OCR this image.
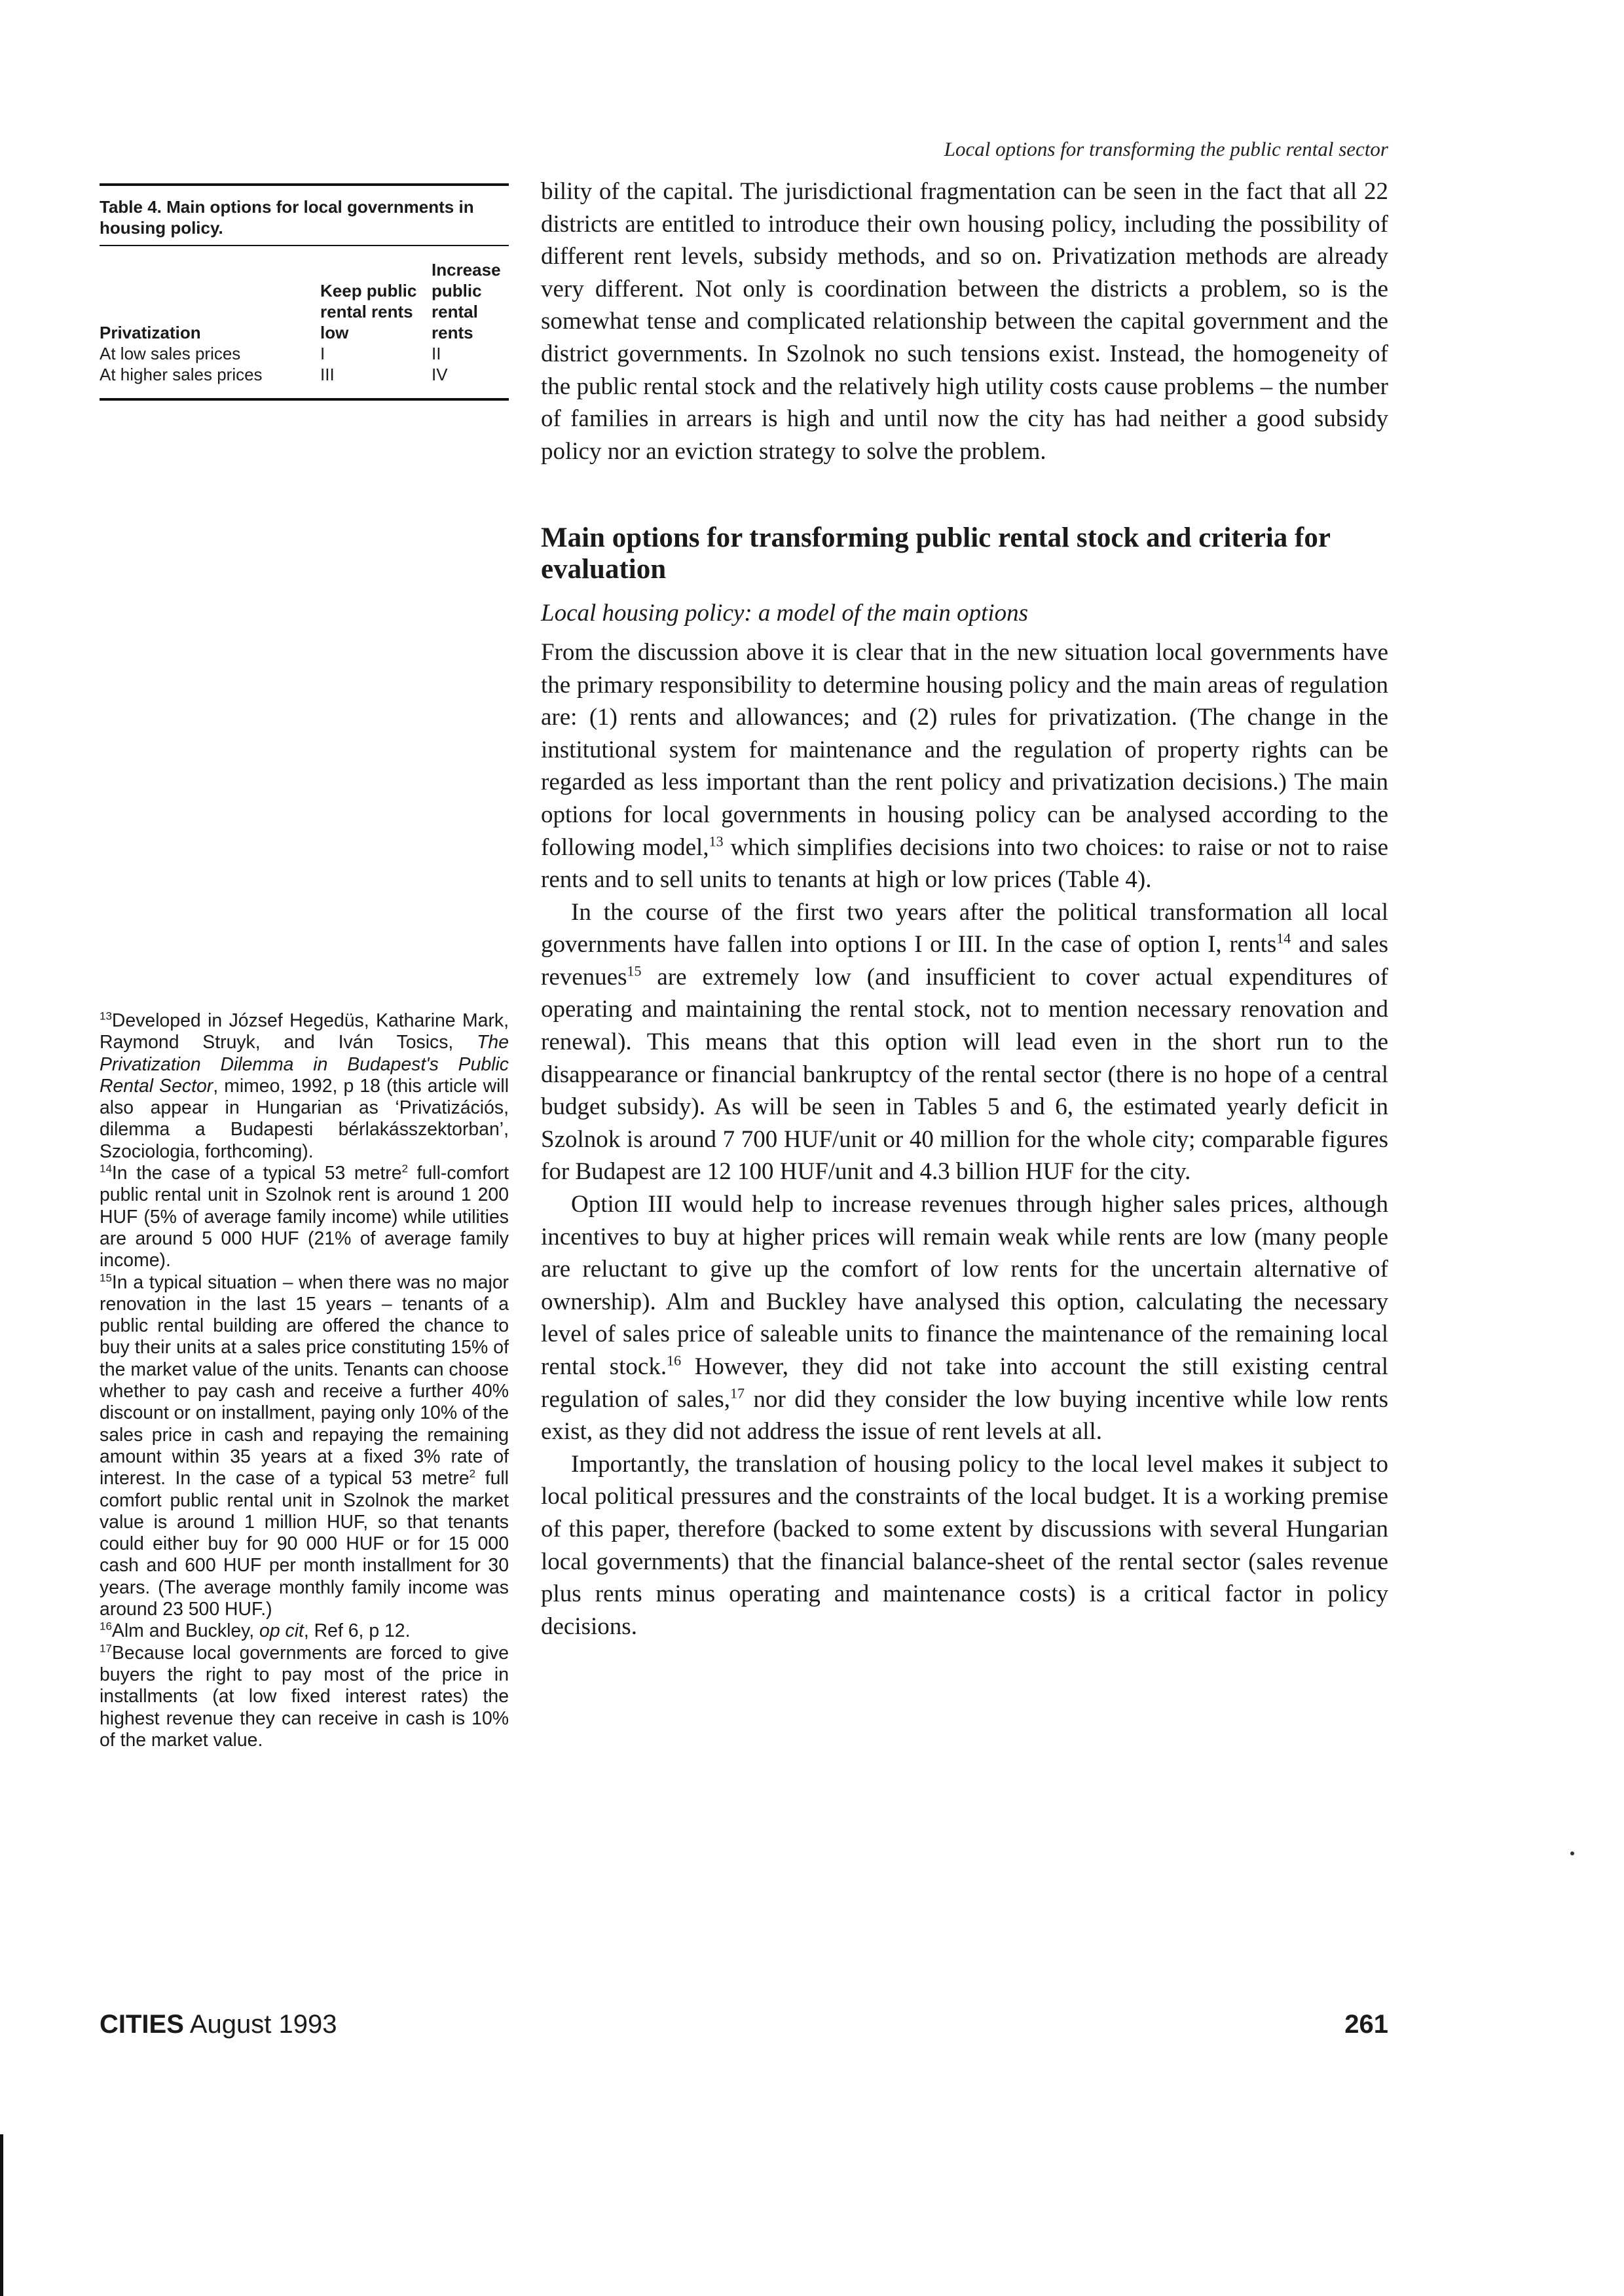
Local options for transforming the public rental sector
Table 4. Main options for local governments in housing policy.
Privatization	Keep public rental rents low	Increase public rental rents
At low sales prices	I	II
At higher sales prices	III	IV

bility of the capital. The jurisdictional fragmentation can be seen in the fact that all 22 districts are entitled to introduce their own housing policy, including the possibility of different rent levels, subsidy methods, and so on. Privatization methods are already very different. Not only is coordination between the districts a problem, so is the somewhat tense and complicated relationship between the capital government and the district governments. In Szolnok no such tensions exist. Instead, the homogeneity of the public rental stock and the relatively high utility costs cause problems – the number of families in arrears is high and until now the city has had neither a good subsidy policy nor an eviction strategy to solve the problem.

Main options for transforming public rental stock and criteria for evaluation
Local housing policy: a model of the main options

From the discussion above it is clear that in the new situation local governments have the primary responsibility to determine housing policy and the main areas of regulation are: (1) rents and allowances; and (2) rules for privatization. (The change in the institutional system for maintenance and the regulation of property rights can be regarded as less important than the rent policy and privatization decisions.) The main options for local governments in housing policy can be analysed according to the following model,$^{13}$ which simplifies decisions into two choices: to raise or not to raise rents and to sell units to tenants at high or low prices (Table 4).

In the course of the first two years after the political transformation all local governments have fallen into options I or III. In the case of option I, rents$^{14}$ and sales revenues$^{15}$ are extremely low (and insufficient to cover actual expenditures of operating and maintaining the rental stock, not to mention necessary renovation and renewal). This means that this option will lead even in the short run to the disappearance or financial bankruptcy of the rental sector (there is no hope of a central budget subsidy). As will be seen in Tables 5 and 6, the estimated yearly deficit in Szolnok is around 7 700 HUF/unit or 40 million for the whole city; comparable figures for Budapest are 12 100 HUF/unit and 4.3 billion HUF for the city.

Option III would help to increase revenues through higher sales prices, although incentives to buy at higher prices will remain weak while rents are low (many people are reluctant to give up the comfort of low rents for the uncertain alternative of ownership). Alm and Buckley have analysed this option, calculating the necessary level of sales price of saleable units to finance the maintenance of the remaining local rental stock.$^{16}$ However, they did not take into account the still existing central regulation of sales,$^{17}$ nor did they consider the low buying incentive while low rents exist, as they did not address the issue of rent levels at all.

Importantly, the translation of housing policy to the local level makes it subject to local political pressures and the constraints of the local budget. It is a working premise of this paper, therefore (backed to some extent by discussions with several Hungarian local governments) that the financial balance-sheet of the rental sector (sales revenue plus rents minus operating and maintenance costs) is a critical factor in policy decisions.

$^{13}$Developed in József Hegedüs, Katharine Mark, Raymond Struyk, and Iván Tosics, The Privatization Dilemma in Budapest's Public Rental Sector, mimeo, 1992, p 18 (this article will also appear in Hungarian as ‘Privatizációs, dilemma a Budapesti bérlakásszektorban’, Szociologia, forthcoming).

$^{14}$In the case of a typical 53 metre$^2$ full-comfort public rental unit in Szolnok rent is around 1 200 HUF (5% of average family income) while utilities are around 5 000 HUF (21% of average family income).

$^{15}$In a typical situation – when there was no major renovation in the last 15 years – tenants of a public rental building are offered the chance to buy their units at a sales price constituting 15% of the market value of the units. Tenants can choose whether to pay cash and receive a further 40% discount or on installment, paying only 10% of the sales price in cash and repaying the remaining amount within 35 years at a fixed 3% rate of interest. In the case of a typical 53 metre$^2$ full comfort public rental unit in Szolnok the market value is around 1 million HUF, so that tenants could either buy for 90 000 HUF or for 15 000 cash and 600 HUF per month installment for 30 years. (The average monthly family income was around 23 500 HUF.)

$^{16}$Alm and Buckley, op cit, Ref 6, p 12.

$^{17}$Because local governments are forced to give buyers the right to pay most of the price in installments (at low fixed interest rates) the highest revenue they can receive in cash is 10% of the market value.

CITIES August 1993	261
